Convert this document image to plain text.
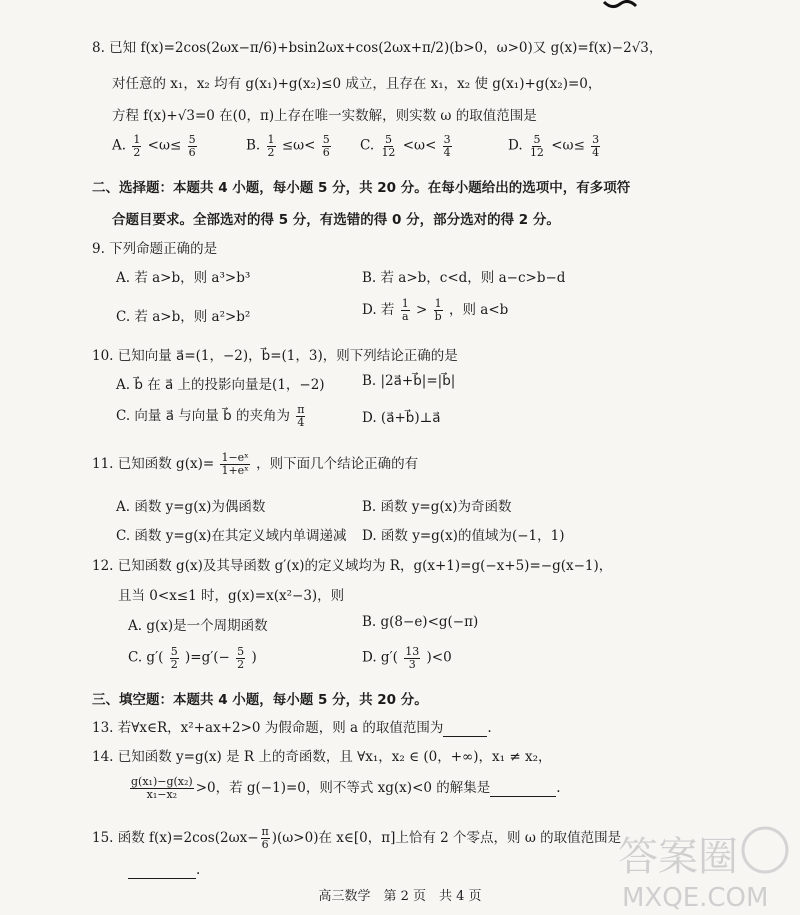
8. 已知 f(x)=2cos(2ωx−π/6)+bsin2ωx+cos(2ωx+π/2)(b>0，ω>0)又 g(x)=f(x)−2√3，
对任意的 x₁，x₂ 均有 g(x₁)+g(x₂)≤0 成立，且存在 x₁，x₂ 使 g(x₁)+g(x₂)=0，
方程 f(x)+√3=0 在(0，π)上存在唯一实数解，则实数 ω 的取值范围是
A. $\frac{1}{2} <\omega\le \frac{5}{6}$	B. $\frac{1}{2} \le\omega< \frac{5}{6} C$. $\frac{5}{12} <\omega< \frac{3}{4}$	D. $\frac{5}{12} <\omega\le \frac{3}{4}$
二、选择题：本题共 4 小题，每小题 5 分，共 20 分。在每小题给出的选项中，有多项符
合题目要求。全部选对的得 5 分，有选错的得 0 分，部分选对的得 2 分。
9. 下列命题正确的是
A. 若 a>b，则 a³>b³	B. 若 a>b，c<d，则 a−c>b−d
C. 若 a>b，则 a²>b²	D. 若 $\frac{1}{a} > \frac{1}{b}$ ，则 a<b
10. 已知向量 a⃗=(1，−2)，b⃗=(1，3)，则下列结论正确的是
A. b⃗ 在 a⃗ 上的投影向量是(1，−2)	B. |2a⃗+b⃗|=|b⃗|
C. 向量 a⃗ 与向量 b⃗ 的夹角为 $\frac{\pi}{4}$	D. (a⃗+b⃗)⊥a⃗
11. 已知函数 $g(x)= \frac{\text{1−eˣ}}{\text{1+eˣ}}$ ，则下面几个结论正确的有
A. 函数 y=g(x)为偶函数	B. 函数 y=g(x)为奇函数
C. 函数 y=g(x)在其定义域内单调递减 D. 函数 y=g(x)的值域为(−1，1)
12. 已知函数 g(x)及其导函数 g′(x)的定义域均为 R，g(x+1)=g(−x+5)=−g(x−1)，
且当 0<x≤1 时，g(x)=x(x²−3)，则
A. g(x)是一个周期函数	B. g(8−e)<g(−π)
C. $g'( \frac{5}{2} )=g'(- \frac{5}{2}$ )	D. $g'( \frac{13}{3} )<0$
三、填空题：本题共 4 小题，每小题 5 分，共 20 分。
13. 若∀x∈R，x²+ax+2>0 为假命题，则 a 的取值范围为	.
14. 已知函数 y=g(x) 是 R 上的奇函数，且 ∀x₁，x₂ ∈ (0，+∞)，x₁ ≠ x₂，
$\frac{\text{g(x₁)−g(x₂)}}{\text{x₁−x₂}} >0$，若 g(−1)=0，则不等式 xg(x)<0 的解集是	.
15. 函数 $f(x)=2\cos(2\omega x- \frac{\pi}{6} )(\omega>0)$在 x∈[0，π]上恰有 2 个零点，则 ω 的取值范围是
.
高三数学　第 2 页　共 4 页
答案圈
MXQE.COM
